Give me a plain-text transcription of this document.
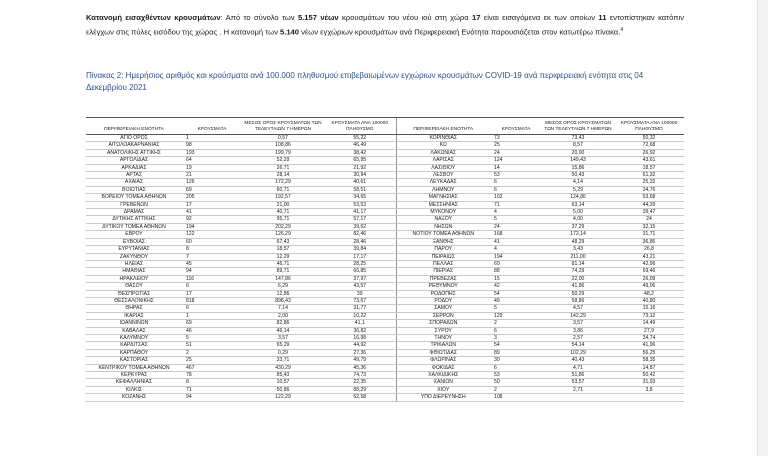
Κατανομή εισαχθέντων κρουσμάτων: Από το σύνολο των 5.157 νέων κρουσμάτων του νέου ιού στη χώρα 17 είναι εισαγόμενα εκ των οποίων 11 εντοπίστηκαν κατόπιν ελέγχων στις πύλες εισόδου της χώρας . Η κατανομή των 5.140 νέων εγχώριων κρουσμάτων ανά Περιφερειακή Ενότητα παρουσιάζεται στον κατωτέρω πίνακα.$^4$
Πίνακας 2: Ημερήσιος αριθμός και κρούσματα ανά 100.000 πληθυσμού επιβεβαιωμένων εγχώριων κρουσμάτων COVID-19 ανά περιφερειακή ενότητα στις 04 Δεκεμβρίου 2021
ΠΕΡΙΦΕΡΕΙΑΚΗ ΕΝΟΤΗΤΑ	ΚΡΟΥΣΜΑΤΑ	ΜΕΣΟΣ ΟΡΟΣ ΚΡΟΥΣΜΑΤΩΝ ΤΩΝ ΤΕΛΕΥΤΑΙΩΝ 7 ΗΜΕΡΩΝ	ΚΡΟΥΣΜΑΤΑ ΑΝΑ 100000 ΠΛΗΘΥΣΜΟ	ΠΕΡΙΦΕΡΕΙΑΚΗ ΕΝΟΤΗΤΑ	ΚΡΟΥΣΜΑΤΑ	ΜΕΣΟΣ ΟΡΟΣ ΚΡΟΥΣΜΑΤΩΝ ΤΩΝ ΤΕΛΕΥΤΑΙΩΝ 7 ΗΜΕΡΩΝ	ΚΡΟΥΣΜΑΤΑ ΑΝΑ 100000 ΠΛΗΘΥΣΜΟ
ΑΓΙΟ ΟΡΟΣ	1	0,57	55,22	ΚΟΡΙΝΘΙΑΣ	73	73,43	50,32
ΑΙΤΩΛΟΑΚΑΡΝΑΝΙΑΣ	98	108,86	46,49	ΚΩ	25	8,57	72,68
ΑΝΑΤΟΛΙΚΗΣ ΑΤΤΙΚΗΣ	193	199,79	38,42	ΛΑΚΩΝΙΑΣ	24	20,00	26,92
ΑΡΓΟΛΙΔΑΣ	64	52,29	65,95	ΛΑΡΙΣΑΣ	124	149,43	43,61
ΑΡΚΑΔΙΑΣ	19	26,71	21,92	ΛΑΣΙΘΙΟΥ	14	15,86	18,57
ΑΡΤΑΣ	21	28,14	30,94	ΛΕΣΒΟΥ	53	50,43	61,32
ΑΧΑΪΑΣ	126	172,29	40,61	ΛΕΥΚΑΔΑΣ	6	4,14	25,32
ΒΟΙΩΤΙΑΣ	69	60,71	58,51	ΛΗΜΝΟΥ	6	5,29	34,76
ΒΟΡΕΙΟΥ ΤΟΜΕΑ ΑΘΗΝΩΝ	205	192,57	34,65	ΜΑΓΝΗΣΙΑΣ	102	124,86	53,68
ΓΡΕΒΕΝΩΝ	17	21,00	53,53	ΜΕΣΣΗΝΙΑΣ	71	63,14	44,39
ΔΡΑΜΑΣ	41	40,71	41,17	ΜΥΚΟΝΟΥ	4	5,00	39,47
ΔΥΤΙΚΗΣ ΑΤΤΙΚΗΣ	92	95,71	57,17	ΝΑΞΟΥ	5	4,00	24
ΔΥΤΙΚΟΥ ΤΟΜΕΑ ΑΘΗΝΩΝ	194	202,29	39,62	ΝΗΣΩΝ	24	37,29	32,15
ΕΒΡΟΥ	122	126,29	82,46	ΝΟΤΙΟΥ ΤΟΜΕΑ ΑΘΗΝΩΝ	168	172,14	31,71
ΕΥΒΟΙΑΣ	60	67,43	28,46	ΞΑΝΘΗΣ	41	48,29	36,86
ΕΥΡΥΤΑΝΙΑΣ	8	18,57	39,84	ΠΑΡΟΥ	4	3,43	26,8
ΖΑΚΥΝΘΟΥ	7	12,29	17,17	ΠΕΙΡΑΙΩΣ	194	211,00	43,21
ΗΛΕΙΑΣ	45	46,71	28,25	ΠΕΛΛΑΣ	60	81,14	42,96
ΗΜΑΘΙΑΣ	94	89,71	66,85	ΠΙΕΡΙΑΣ	88	74,29	69,46
ΗΡΑΚΛΕΙΟΥ	116	147,86	37,97	ΠΡΕΒΕΖΑΣ	15	22,00	26,09
ΘΑΣΟΥ	6	6,29	43,57	ΡΕΘΥΜΝΟΥ	42	41,86	49,06
ΘΕΣΠΡΩΤΙΑΣ	17	12,86	39	ΡΟΔΟΠΗΣ	54	50,29	48,2
ΘΕΣΣΑΛΟΝΙΚΗΣ	818	898,43	73,67	ΡΟΔΟΥ	49	58,86	40,80
ΘΗΡΑΣ	6	7,14	31,77	ΣΑΜΟΥ	5	4,57	15,16
ΙΚΑΡΙΑΣ	1	2,00	10,22	ΣΕΡΡΩΝ	129	142,29	73,12
ΙΩΑΝΝΙΝΩΝ	69	82,86	41,1	ΣΠΟΡΑΔΩΝ	2	3,57	14,49
ΚΑΒΑΛΑΣ	46	46,14	36,82	ΣΥΡΟΥ	6	3,86	27,9
ΚΑΛΥΜΝΟΥ	5	3,57	16,98	ΤΗΝΟΥ	3	2,57	34,74
ΚΑΡΔΙΤΣΑΣ	51	65,29	44,92	ΤΡΙΚΑΛΩΝ	54	54,14	41,96
ΚΑΡΠΑΘΟΥ	2	0,29	27,36	ΦΘΙΩΤΙΔΑΣ	89	102,29	56,25
ΚΑΣΤΟΡΙΑΣ	25	33,71	49,79	ΦΛΩΡΙΝΑΣ	30	40,43	58,35
ΚΕΝΤΡΙΚΟΥ ΤΟΜΕΑ ΑΘΗΝΩΝ	467	430,29	45,36	ΦΩΚΙΔΑΣ	6	4,71	14,87
ΚΕΡΚΥΡΑΣ	78	85,43	74,73	ΧΑΛΚΙΔΙΚΗΣ	53	51,86	50,42
ΚΕΦΑΛΛΗΝΙΑΣ	8	10,57	22,35	ΧΑΝΙΩΝ	50	53,57	31,93
ΚΙΛΚΙΣ	71	50,86	88,29	ΧΙΟΥ	2	2,71	3,8
ΚΟΖΑΝΗΣ	94	122,29	62,58	ΥΠΟ ΔΙΕΡΕΥΝΗΣΗ	108		
